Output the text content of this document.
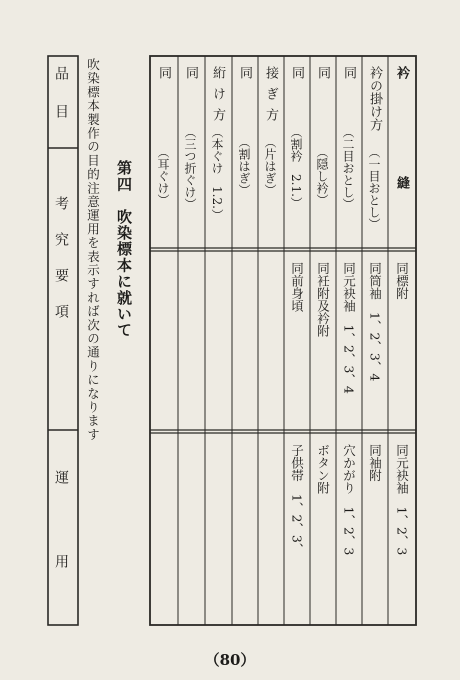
品目
考究要項
運用
吹染標本製作の目的注意運用を表示すれば次の通りになります 第四　吹染標本に就いて
衿
縫
同標附
同元袂袖　1、2、3
衿の掛け方
（一目おとし）
同筒袖　1、2、3、4
同袖附
同
（二目おとし）
同元袂袖　1、2、3、4
穴かがり　1、2、3
同
（隠し衿）
同衽附及衿附
ボタン附
同
（割衿　2.1.）
同前身頃
子供帯　1、2、3、
接ぎ方
（片はぎ）
同
（割はぎ）
絎け方
（本ぐけ　1.2.）
同
（三つ折ぐけ）
同
（耳ぐけ）
（80）
